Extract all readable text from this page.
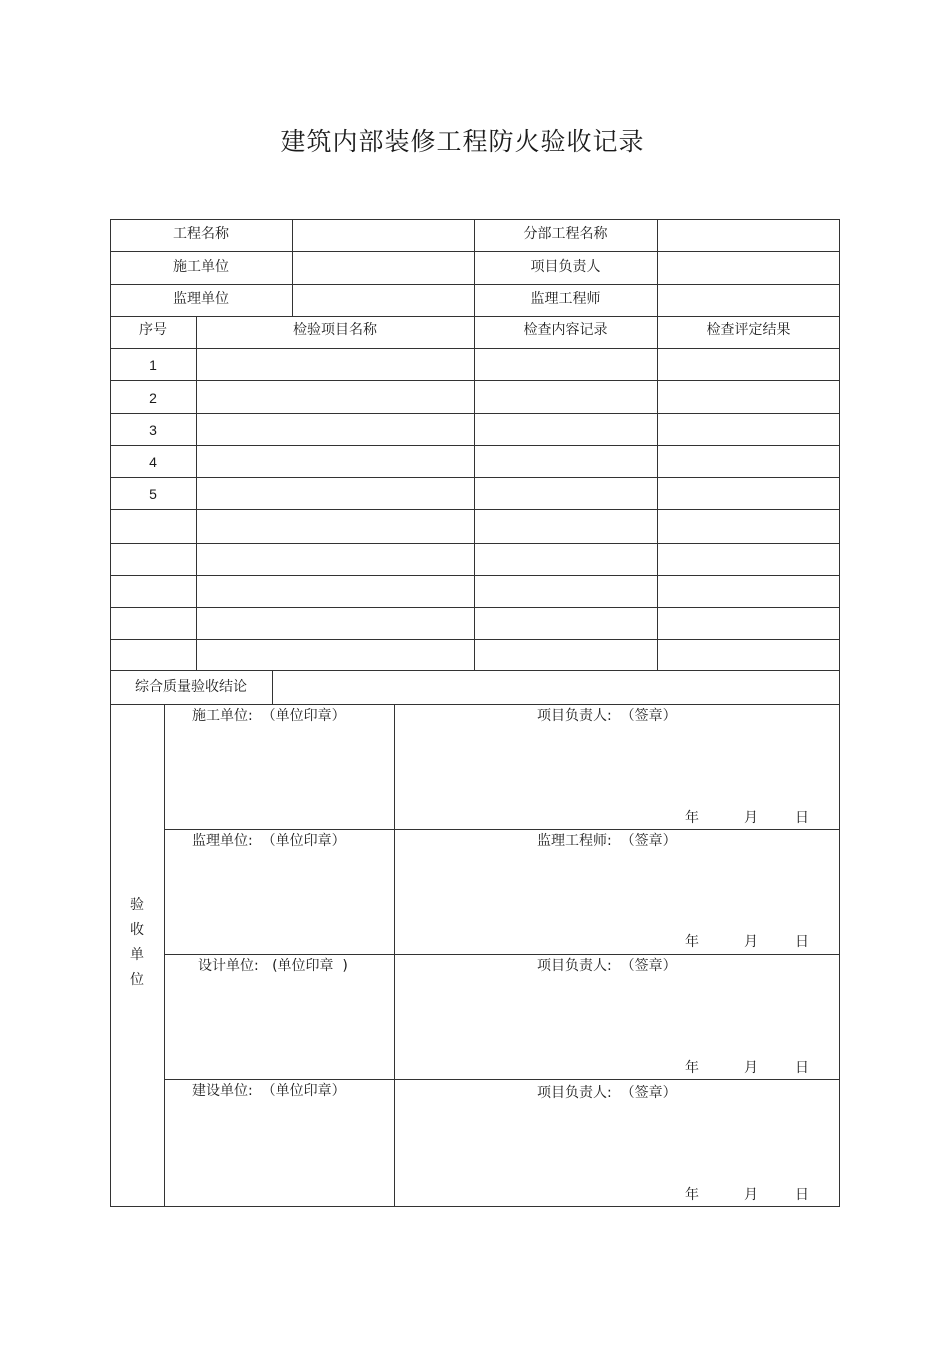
建筑内部装修工程防火验收记录
工程名称	分部工程名称
施工单位	项目负责人
监理单位	监理工程师
序号	检验项目名称	检查内容记录	检查评定结果
1
2
3
4
5
综合质量验收结论
验
收
单
位
施工单位:  （单位印章）	项目负责人:  （签章）
年	月	日
监理单位:  （单位印章）	监理工程师:  （签章）
年	月	日
设计单位:   (单位印章  )	项目负责人:  （签章）
年	月	日
建设单位:  （单位印章）	项目负责人:  （签章）
年	月	日
